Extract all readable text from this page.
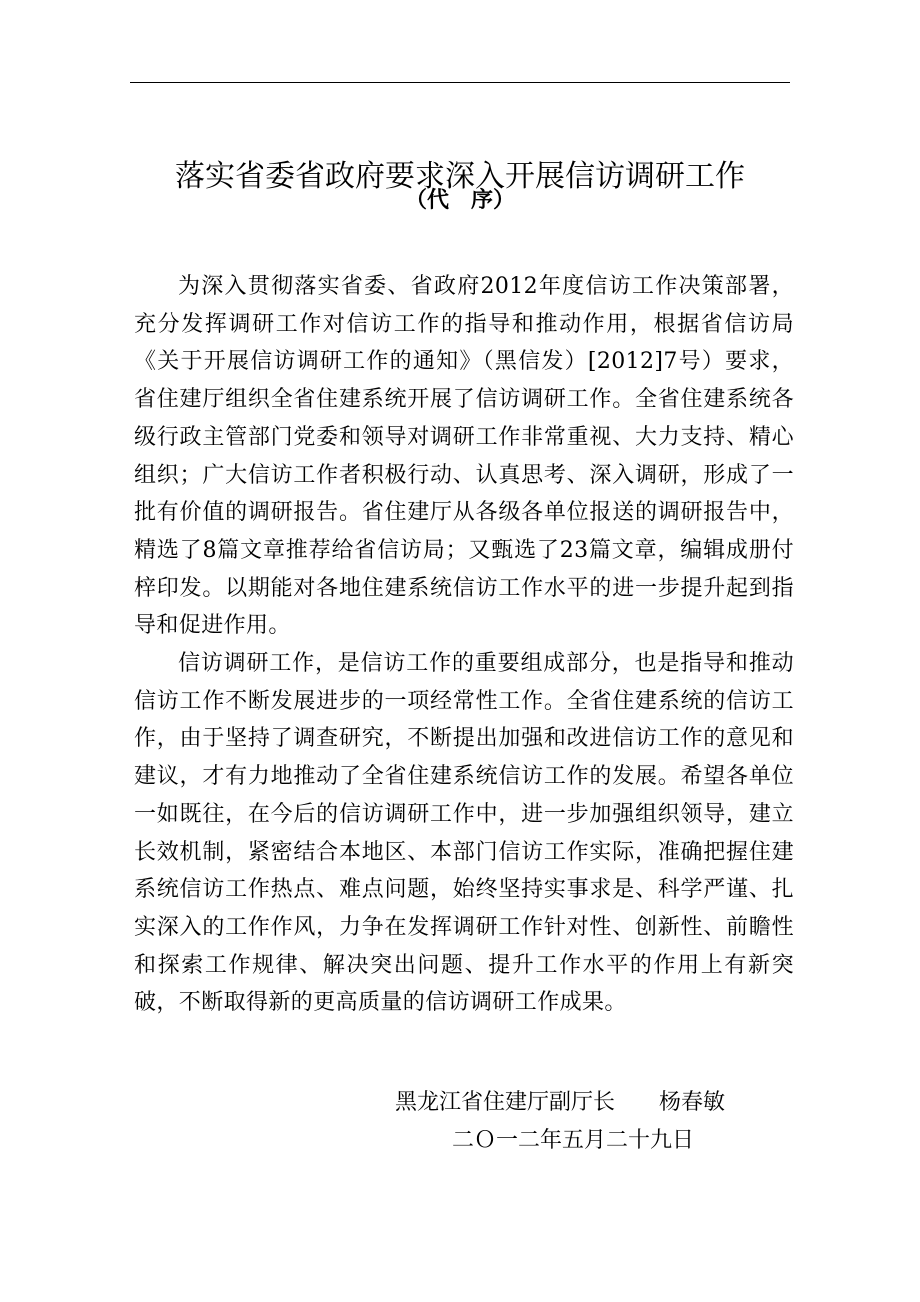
落实省委省政府要求深入开展信访调研工作
（代　序）

为深入贯彻落实省委、省政府2012年度信访工作决策部署，充分发挥调研工作对信访工作的指导和推动作用，根据省信访局《关于开展信访调研工作的通知》（黑信发）[2012]7号）要求，省住建厅组织全省住建系统开展了信访调研工作。全省住建系统各级行政主管部门党委和领导对调研工作非常重视、大力支持、精心组织；广大信访工作者积极行动、认真思考、深入调研，形成了一批有价值的调研报告。省住建厅从各级各单位报送的调研报告中，精选了8篇文章推荐给省信访局；又甄选了23篇文章，编辑成册付梓印发。以期能对各地住建系统信访工作水平的进一步提升起到指导和促进作用。

信访调研工作，是信访工作的重要组成部分，也是指导和推动信访工作不断发展进步的一项经常性工作。全省住建系统的信访工作，由于坚持了调查研究，不断提出加强和改进信访工作的意见和建议，才有力地推动了全省住建系统信访工作的发展。希望各单位一如既往，在今后的信访调研工作中，进一步加强组织领导，建立长效机制，紧密结合本地区、本部门信访工作实际，准确把握住建系统信访工作热点、难点问题，始终坚持实事求是、科学严谨、扎实深入的工作作风，力争在发挥调研工作针对性、创新性、前瞻性和探索工作规律、解决突出问题、提升工作水平的作用上有新突破，不断取得新的更高质量的信访调研工作成果。

黑龙江省住建厅副厅长　　杨春敏
二Ｏ一二年五月二十九日
